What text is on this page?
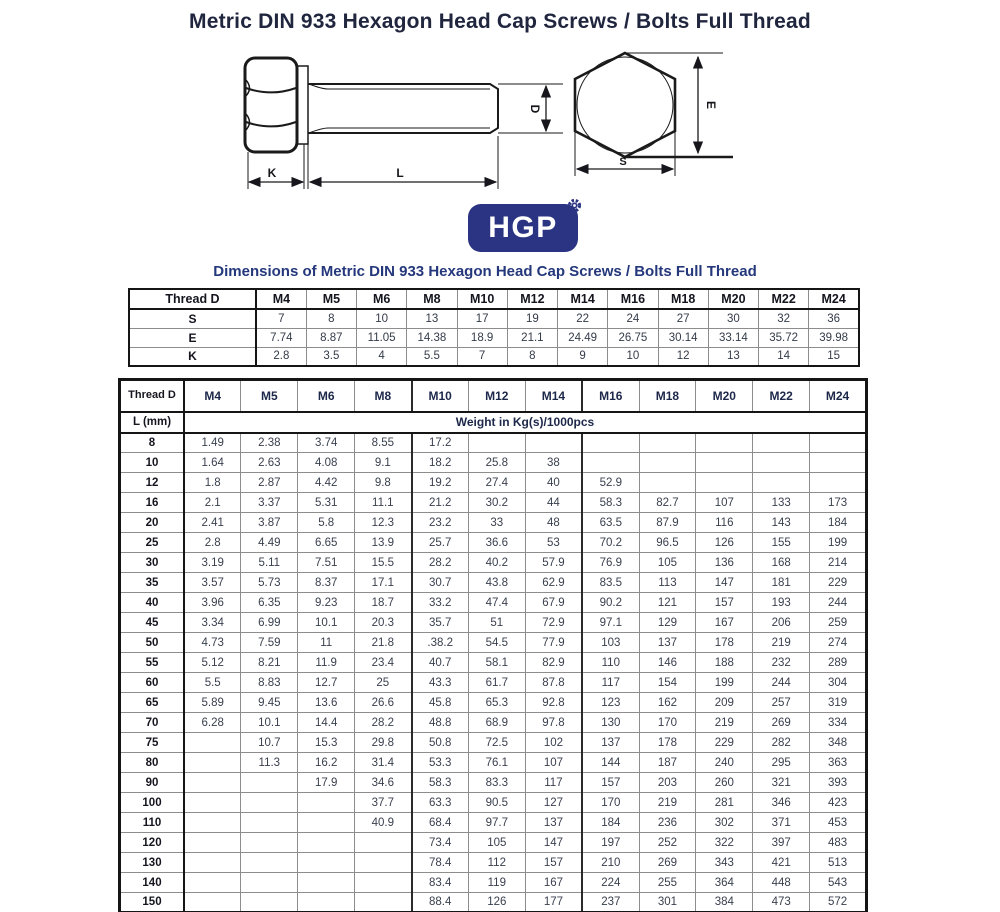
Metric DIN 933 Hexagon Head Cap Screws / Bolts Full Thread
K	L
D	E
S
HGP
Dimensions of Metric DIN 933 Hexagon Head Cap Screws / Bolts Full Thread
Thread D	M4	M5	M6	M8	M10	M12	M14	M16	M18	M20	M22	M24
S	7	8	10	13	17	19	22	24	27	30	32	36
E	7.74	8.87	11.05	14.38	18.9	21.1	24.49	26.75	30.14	33.14	35.72	39.98
K	2.8	3.5	4	5.5	7	8	9	10	12	13	14	15
Thread D	M4	M5	M6	M8	M10	M12	M14	M16	M18	M20	M22	M24
L (mm)	Weight in Kg(s)/1000pcs											
8	1.49	2.38	3.74	8.55	17.2							
10	1.64	2.63	4.08	9.1	18.2	25.8	38					
12	1.8	2.87	4.42	9.8	19.2	27.4	40	52.9				
16	2.1	3.37	5.31	11.1	21.2	30.2	44	58.3	82.7	107	133	173
20	2.41	3.87	5.8	12.3	23.2	33	48	63.5	87.9	116	143	184
25	2.8	4.49	6.65	13.9	25.7	36.6	53	70.2	96.5	126	155	199
30	3.19	5.11	7.51	15.5	28.2	40.2	57.9	76.9	105	136	168	214
35	3.57	5.73	8.37	17.1	30.7	43.8	62.9	83.5	113	147	181	229
40	3.96	6.35	9.23	18.7	33.2	47.4	67.9	90.2	121	157	193	244
45	3.34	6.99	10.1	20.3	35.7	51	72.9	97.1	129	167	206	259
50	4.73	7.59	11	21.8	.38.2	54.5	77.9	103	137	178	219	274
55	5.12	8.21	11.9	23.4	40.7	58.1	82.9	110	146	188	232	289
60	5.5	8.83	12.7	25	43.3	61.7	87.8	117	154	199	244	304
65	5.89	9.45	13.6	26.6	45.8	65.3	92.8	123	162	209	257	319
70	6.28	10.1	14.4	28.2	48.8	68.9	97.8	130	170	219	269	334
75		10.7	15.3	29.8	50.8	72.5	102	137	178	229	282	348
80		11.3	16.2	31.4	53.3	76.1	107	144	187	240	295	363
90			17.9	34.6	58.3	83.3	117	157	203	260	321	393
100				37.7	63.3	90.5	127	170	219	281	346	423
110				40.9	68.4	97.7	137	184	236	302	371	453
120					73.4	105	147	197	252	322	397	483
130					78.4	112	157	210	269	343	421	513
140					83.4	119	167	224	255	364	448	543
150					88.4	126	177	237	301	384	473	572
